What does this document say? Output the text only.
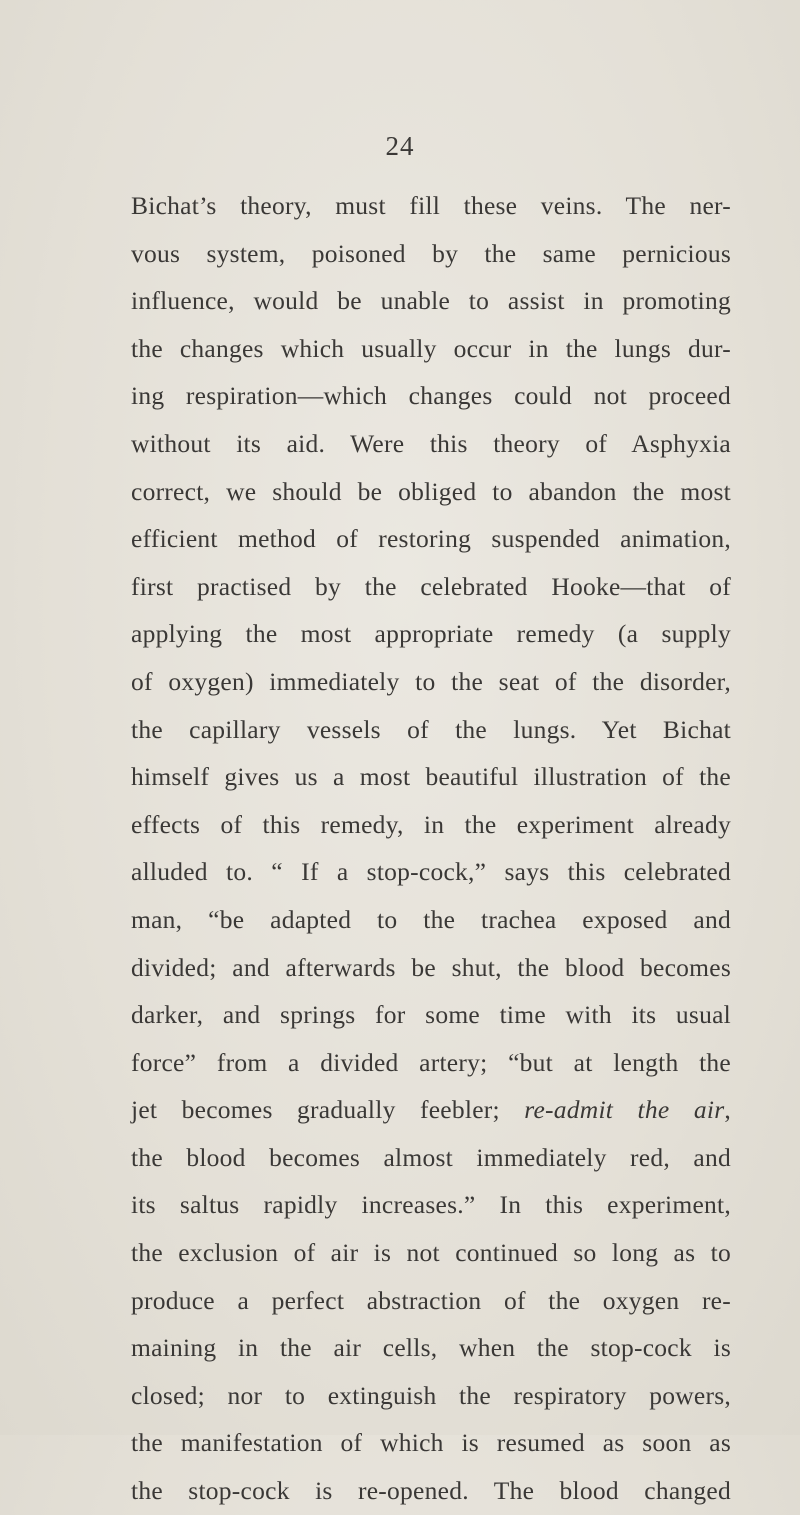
24
Bichat’s theory, must fill these veins. The ner-
vous system, poisoned by the same pernicious
influence, would be unable to assist in promoting
the changes which usually occur in the lungs dur-
ing respiration—which changes could not proceed
without its aid. Were this theory of Asphyxia
correct, we should be obliged to abandon the most
efficient method of restoring suspended animation,
first practised by the celebrated Hooke—that of
applying the most appropriate remedy (a supply
of oxygen) immediately to the seat of the disorder,
the capillary vessels of the lungs. Yet Bichat
himself gives us a most beautiful illustration of the
effects of this remedy, in the experiment already
alluded to. “ If a stop-cock,” says this celebrated
man, “be adapted to the trachea exposed and
divided; and afterwards be shut, the blood becomes
darker, and springs for some time with its usual
force” from a divided artery; “but at length the
jet becomes gradually feebler; re-admit the air,
the blood becomes almost immediately red, and
its saltus rapidly increases.” In this experiment,
the exclusion of air is not continued so long as to
produce a perfect abstraction of the oxygen re-
maining in the air cells, when the stop-cock is
closed; nor to extinguish the respiratory powers,
the manifestation of which is resumed as soon as
the stop-cock is re-opened. The blood changed
